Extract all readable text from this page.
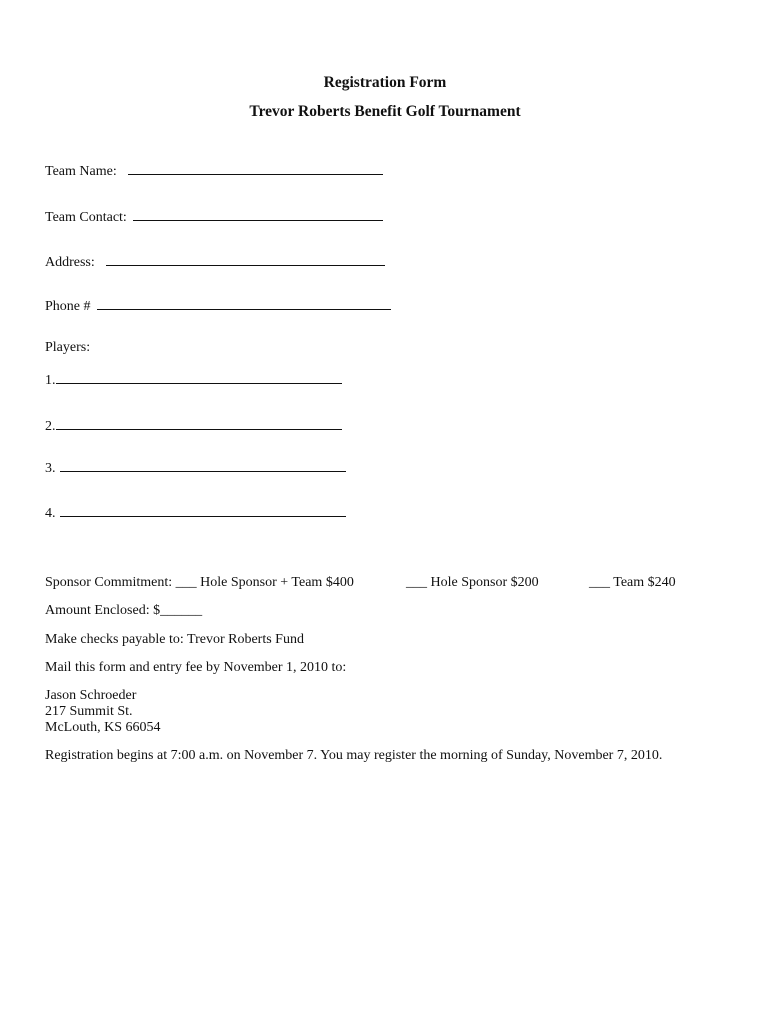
Registration Form
Trevor Roberts Benefit Golf Tournament
Team Name:
Team Contact:
Address:
Phone #
Players:
1.
2.
3.
4.
Sponsor Commitment: ___ Hole Sponsor + Team $400	___ Hole Sponsor $200	___ Team $240
Amount Enclosed: $______
Make checks payable to: Trevor Roberts Fund
Mail this form and entry fee by November 1, 2010 to:
Jason Schroeder
217 Summit St.
McLouth, KS 66054
Registration begins at 7:00 a.m. on November 7. You may register the morning of Sunday, November 7, 2010.
